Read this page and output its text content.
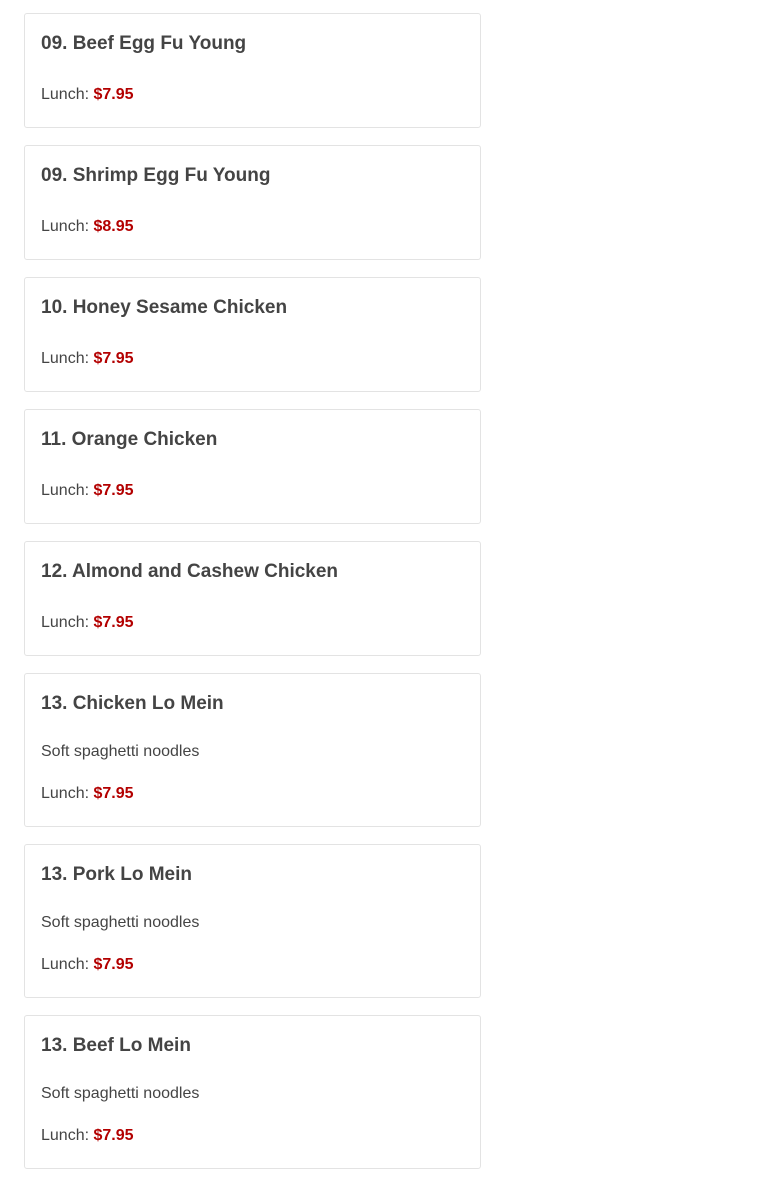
09. Beef Egg Fu Young
Lunch: $7.95
09. Shrimp Egg Fu Young
Lunch: $8.95
10. Honey Sesame Chicken
Lunch: $7.95
11. Orange Chicken
Lunch: $7.95
12. Almond and Cashew Chicken
Lunch: $7.95
13. Chicken Lo Mein
Soft spaghetti noodles
Lunch: $7.95
13. Pork Lo Mein
Soft spaghetti noodles
Lunch: $7.95
13. Beef Lo Mein
Soft spaghetti noodles
Lunch: $7.95
